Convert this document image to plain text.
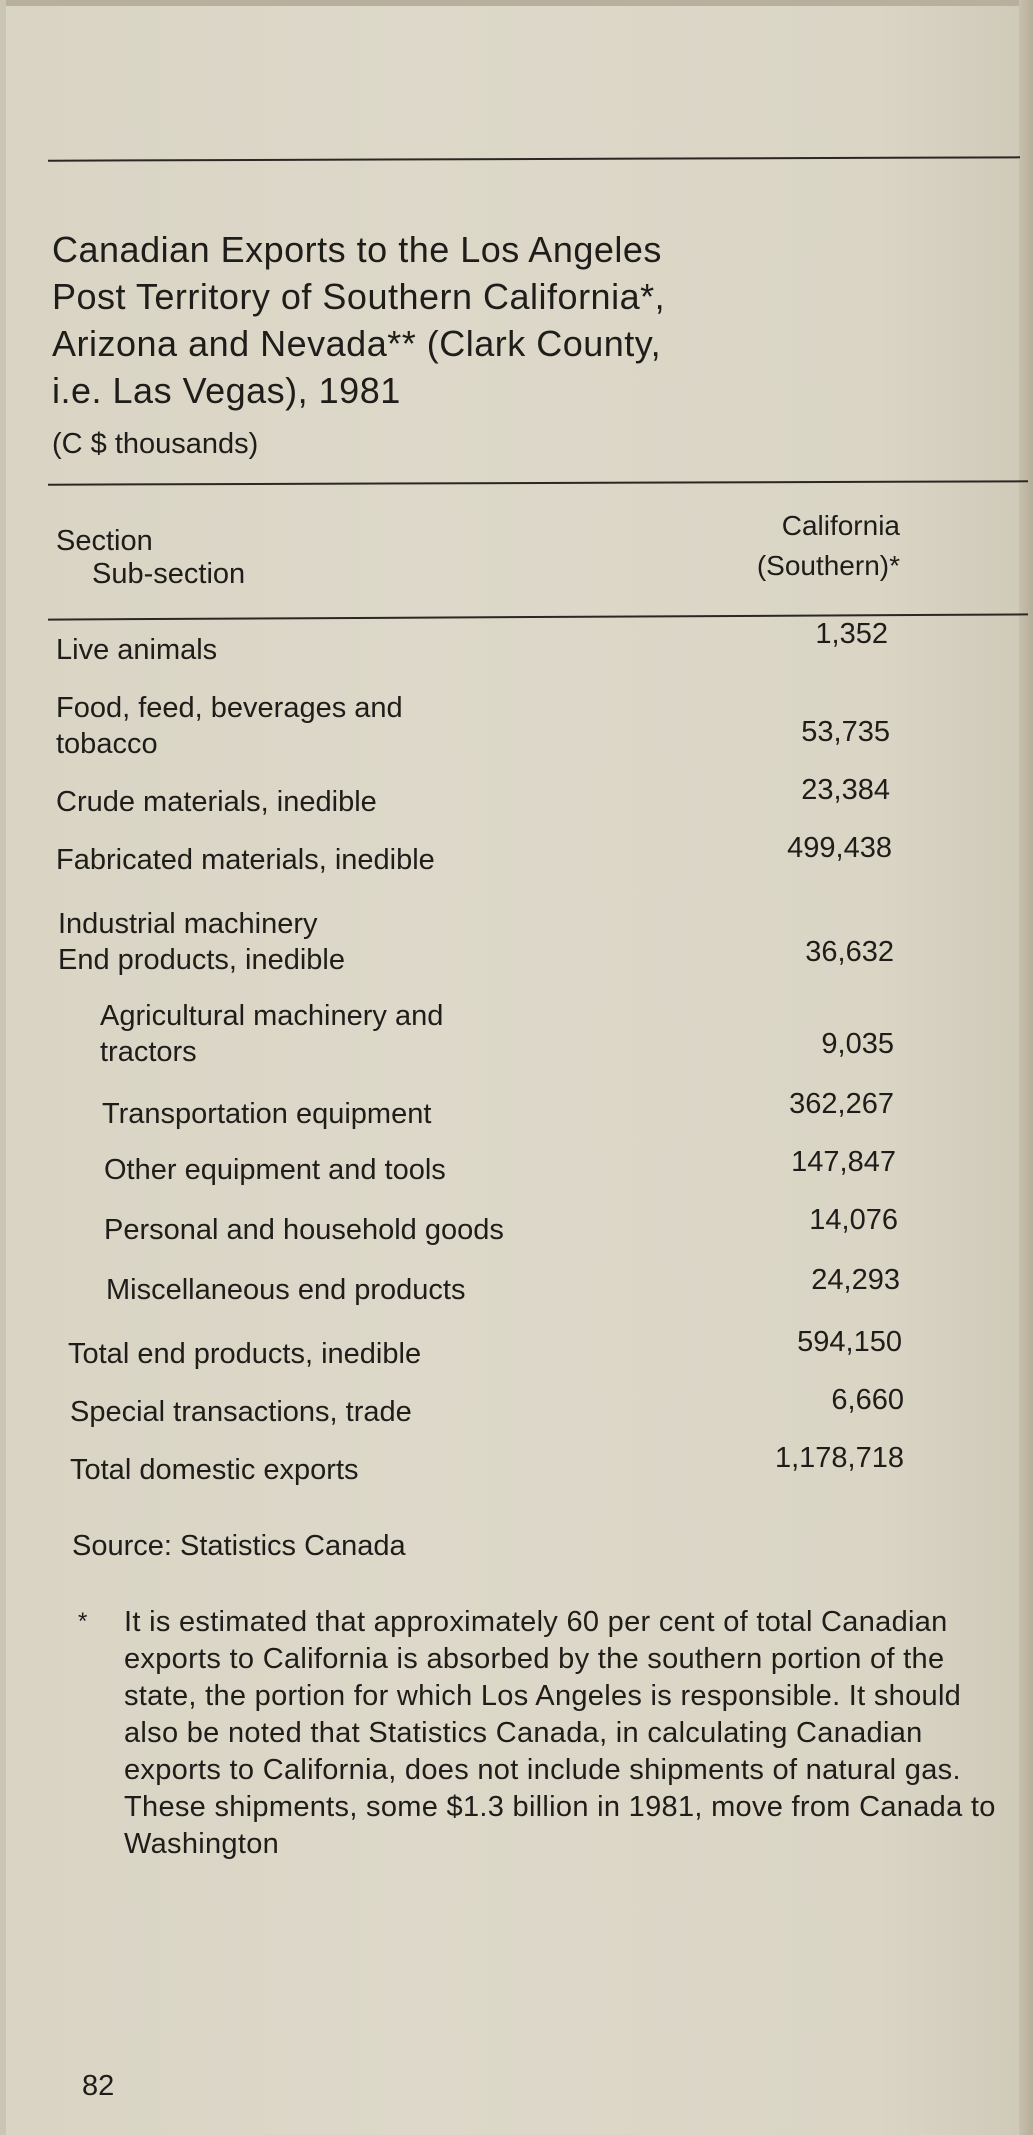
Canadian Exports to the Los Angeles
Post Territory of Southern California*,
Arizona and Nevada** (Clark County,
i.e. Las Vegas), 1981
(C $ thousands)
Section
Sub-section
California (Southern)*
Live animals	1,352
Food, feed, beverages and
tobacco	53,735
Crude materials, inedible	23,384
Fabricated materials, inedible	499,438
Industrial machinery
End products, inedible	36,632
Agricultural machinery and
tractors	9,035
Transportation equipment	362,267
Other equipment and tools	147,847
Personal and household goods	14,076
Miscellaneous end products	24,293
Total end products, inedible	594,150
Special transactions, trade	6,660
Total domestic exports	1,178,718
Source: Statistics Canada
* It is estimated that approximately 60 per cent of total Canadian exports to California is absorbed by the southern portion of the state, the portion for which Los Angeles is responsible. It should also be noted that Statistics Canada, in calculating Canadian exports to California, does not include shipments of natural gas. These shipments, some $1.3 billion in 1981, move from Canada to Washington
82
